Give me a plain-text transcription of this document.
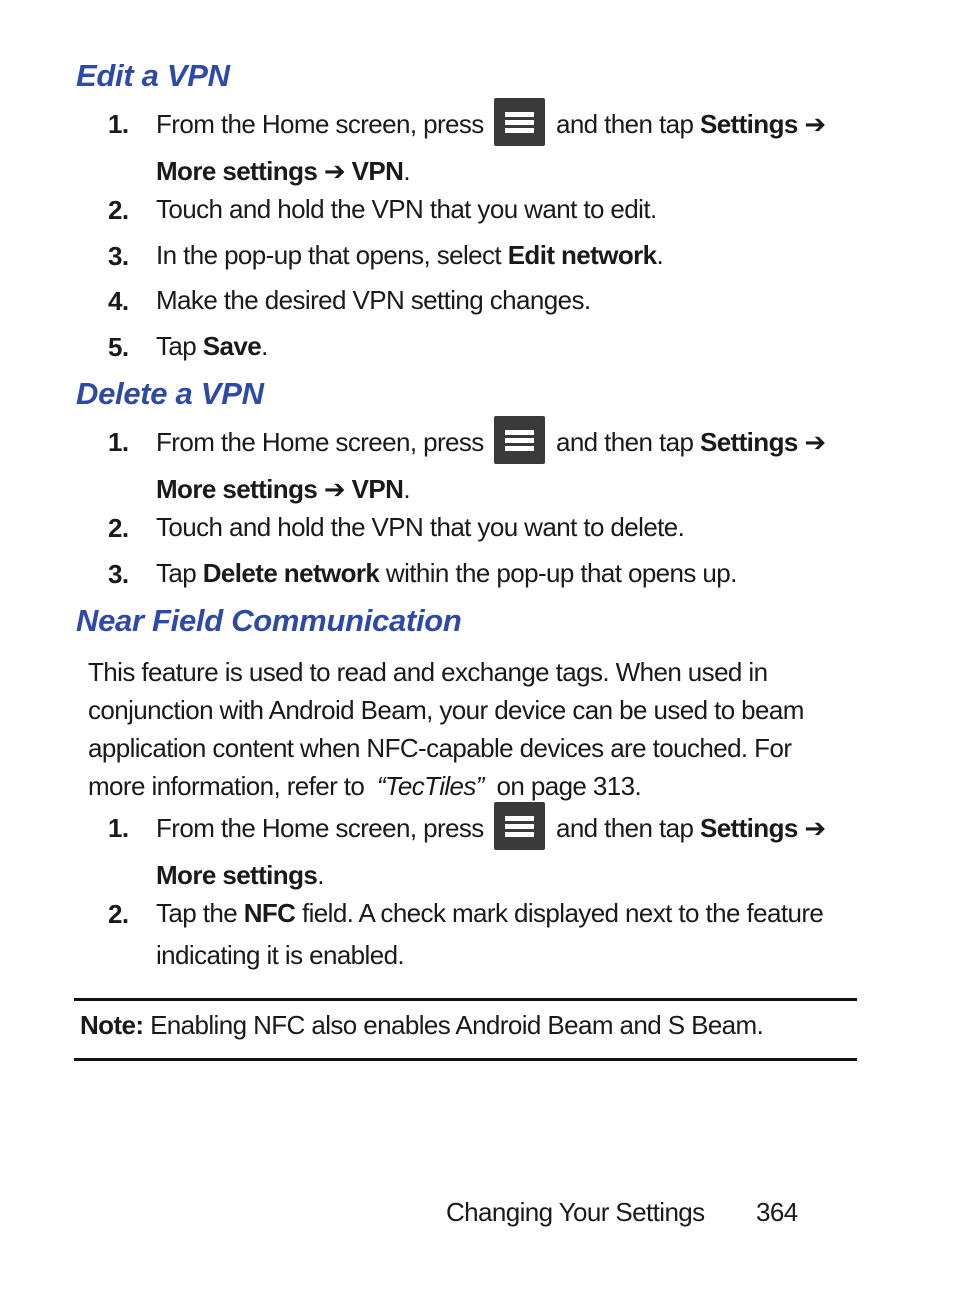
Edit a VPN
1. From the Home screen, press	and then tap Settings ➔
More settings ➔ VPN.
2. Touch and hold the VPN that you want to edit.
3. In the pop-up that opens, select Edit network.
4. Make the desired VPN setting changes.
5. Tap Save.
Delete a VPN
1. From the Home screen, press	and then tap Settings ➔
More settings ➔ VPN.
2. Touch and hold the VPN that you want to delete.
3. Tap Delete network within the pop-up that opens up.
Near Field Communication
This feature is used to read and exchange tags. When used in
conjunction with Android Beam, your device can be used to beam
application content when NFC-capable devices are touched. For
more information, refer to “TecTiles” on page 313.
1. From the Home screen, press	and then tap Settings ➔
More settings.
2. Tap the NFC field. A check mark displayed next to the feature
indicating it is enabled.
Note: Enabling NFC also enables Android Beam and S Beam.
Changing Your Settings 364
